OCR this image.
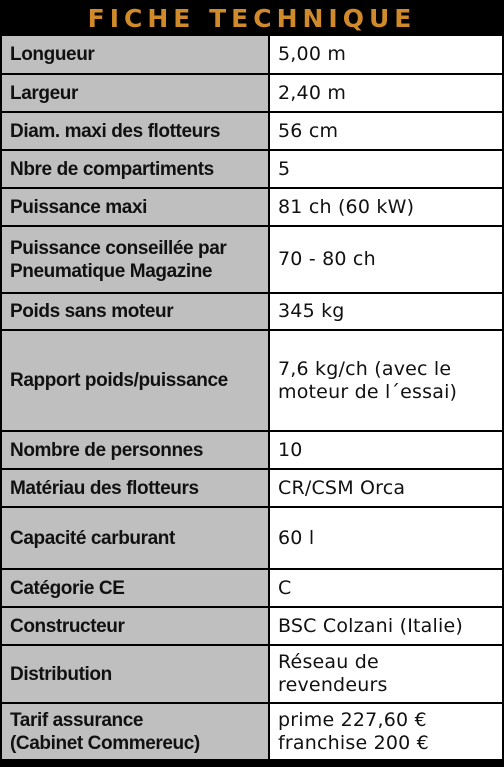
FICHE TECHNIQUE
Longueur	5,00 m

Largeur	2,40 m

Diam. maxi des flotteurs	56 cm

Nbre de compartiments	5

Puissance maxi	81 ch (60 kW)

Puissance conseillée par
Pneumatique Magazine	70 - 80 ch

Poids sans moteur	345 kg

Rapport poids/puissance	7,6 kg/ch (avec le
moteur de l´essai)

Nombre de personnes	10

Matériau des flotteurs	CR/CSM Orca

Capacité carburant	60 l

Catégorie CE	C

Constructeur	BSC Colzani (Italie)

Distribution	Réseau de
revendeurs

Tarif assurance
(Cabinet Commereuc)	prime 227,60 €
franchise 200 €
